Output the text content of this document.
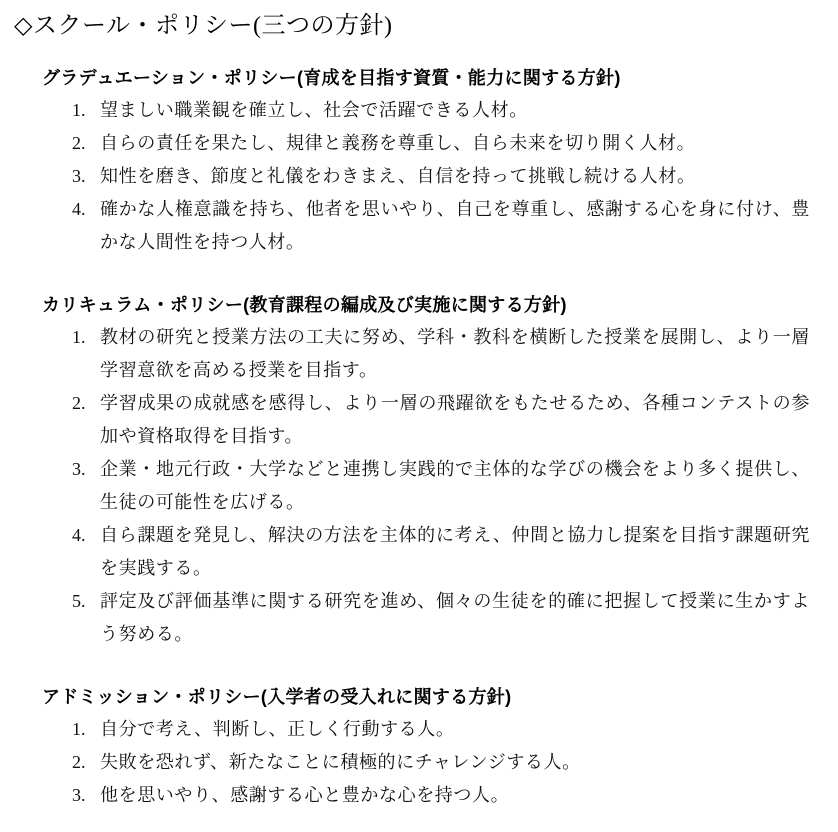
◇スクール・ポリシー(三つの方針)
グラデュエーション・ポリシー(育成を目指す資質・能力に関する方針)
望ましい職業観を確立し、社会で活躍できる人材。
自らの責任を果たし、規律と義務を尊重し、自ら未来を切り開く人材。
知性を磨き、節度と礼儀をわきまえ、自信を持って挑戦し続ける人材。
確かな人権意識を持ち、他者を思いやり、自己を尊重し、感謝する心を身に付け、豊かな人間性を持つ人材。
カリキュラム・ポリシー(教育課程の編成及び実施に関する方針)
教材の研究と授業方法の工夫に努め、学科・教科を横断した授業を展開し、より一層学習意欲を高める授業を目指す。
学習成果の成就感を感得し、より一層の飛躍欲をもたせるため、各種コンテストの参加や資格取得を目指す。
企業・地元行政・大学などと連携し実践的で主体的な学びの機会をより多く提供し、生徒の可能性を広げる。
自ら課題を発見し、解決の方法を主体的に考え、仲間と協力し提案を目指す課題研究を実践する。
評定及び評価基準に関する研究を進め、個々の生徒を的確に把握して授業に生かすよう努める。
アドミッション・ポリシー(入学者の受入れに関する方針)
自分で考え、判断し、正しく行動する人。
失敗を恐れず、新たなことに積極的にチャレンジする人。
他を思いやり、感謝する心と豊かな心を持つ人。
